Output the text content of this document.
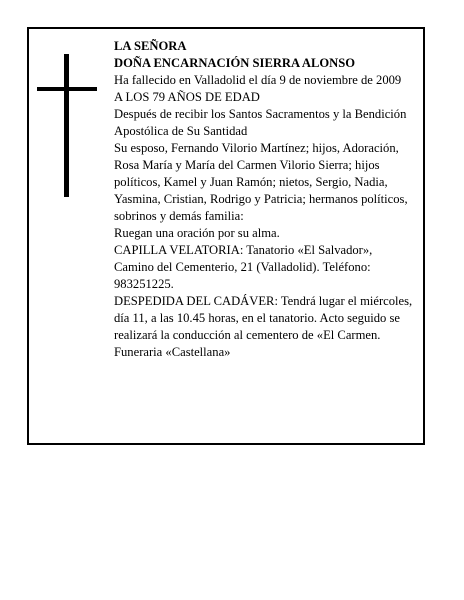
LA SEÑORA

DOÑA ENCARNACIÓN SIERRA ALONSO

Ha fallecido en Valladolid el día 9 de noviembre de 2009

A LOS 79 AÑOS DE EDAD

Después de recibir los Santos Sacramentos y la Bendición Apostólica de Su Santidad

Su esposo, Fernando Vilorio Martínez; hijos, Adoración, Rosa María y María del Carmen Vilorio Sierra; hijos políticos, Kamel y Juan Ramón; nietos, Sergio, Nadia, Yasmina, Cristian, Rodrigo y Patricia; hermanos políticos, sobrinos y demás familia:

Ruegan una oración por su alma.

CAPILLA VELATORIA: Tanatorio «El Salvador», Camino del Cementerio, 21 (Valladolid). Teléfono: 983251225.

DESPEDIDA DEL CADÁVER: Tendrá lugar el miércoles, día 11, a las 10.45 horas, en el tanatorio. Acto seguido se realizará la conducción al cementero de «El Carmen.

Funeraria «Castellana»
